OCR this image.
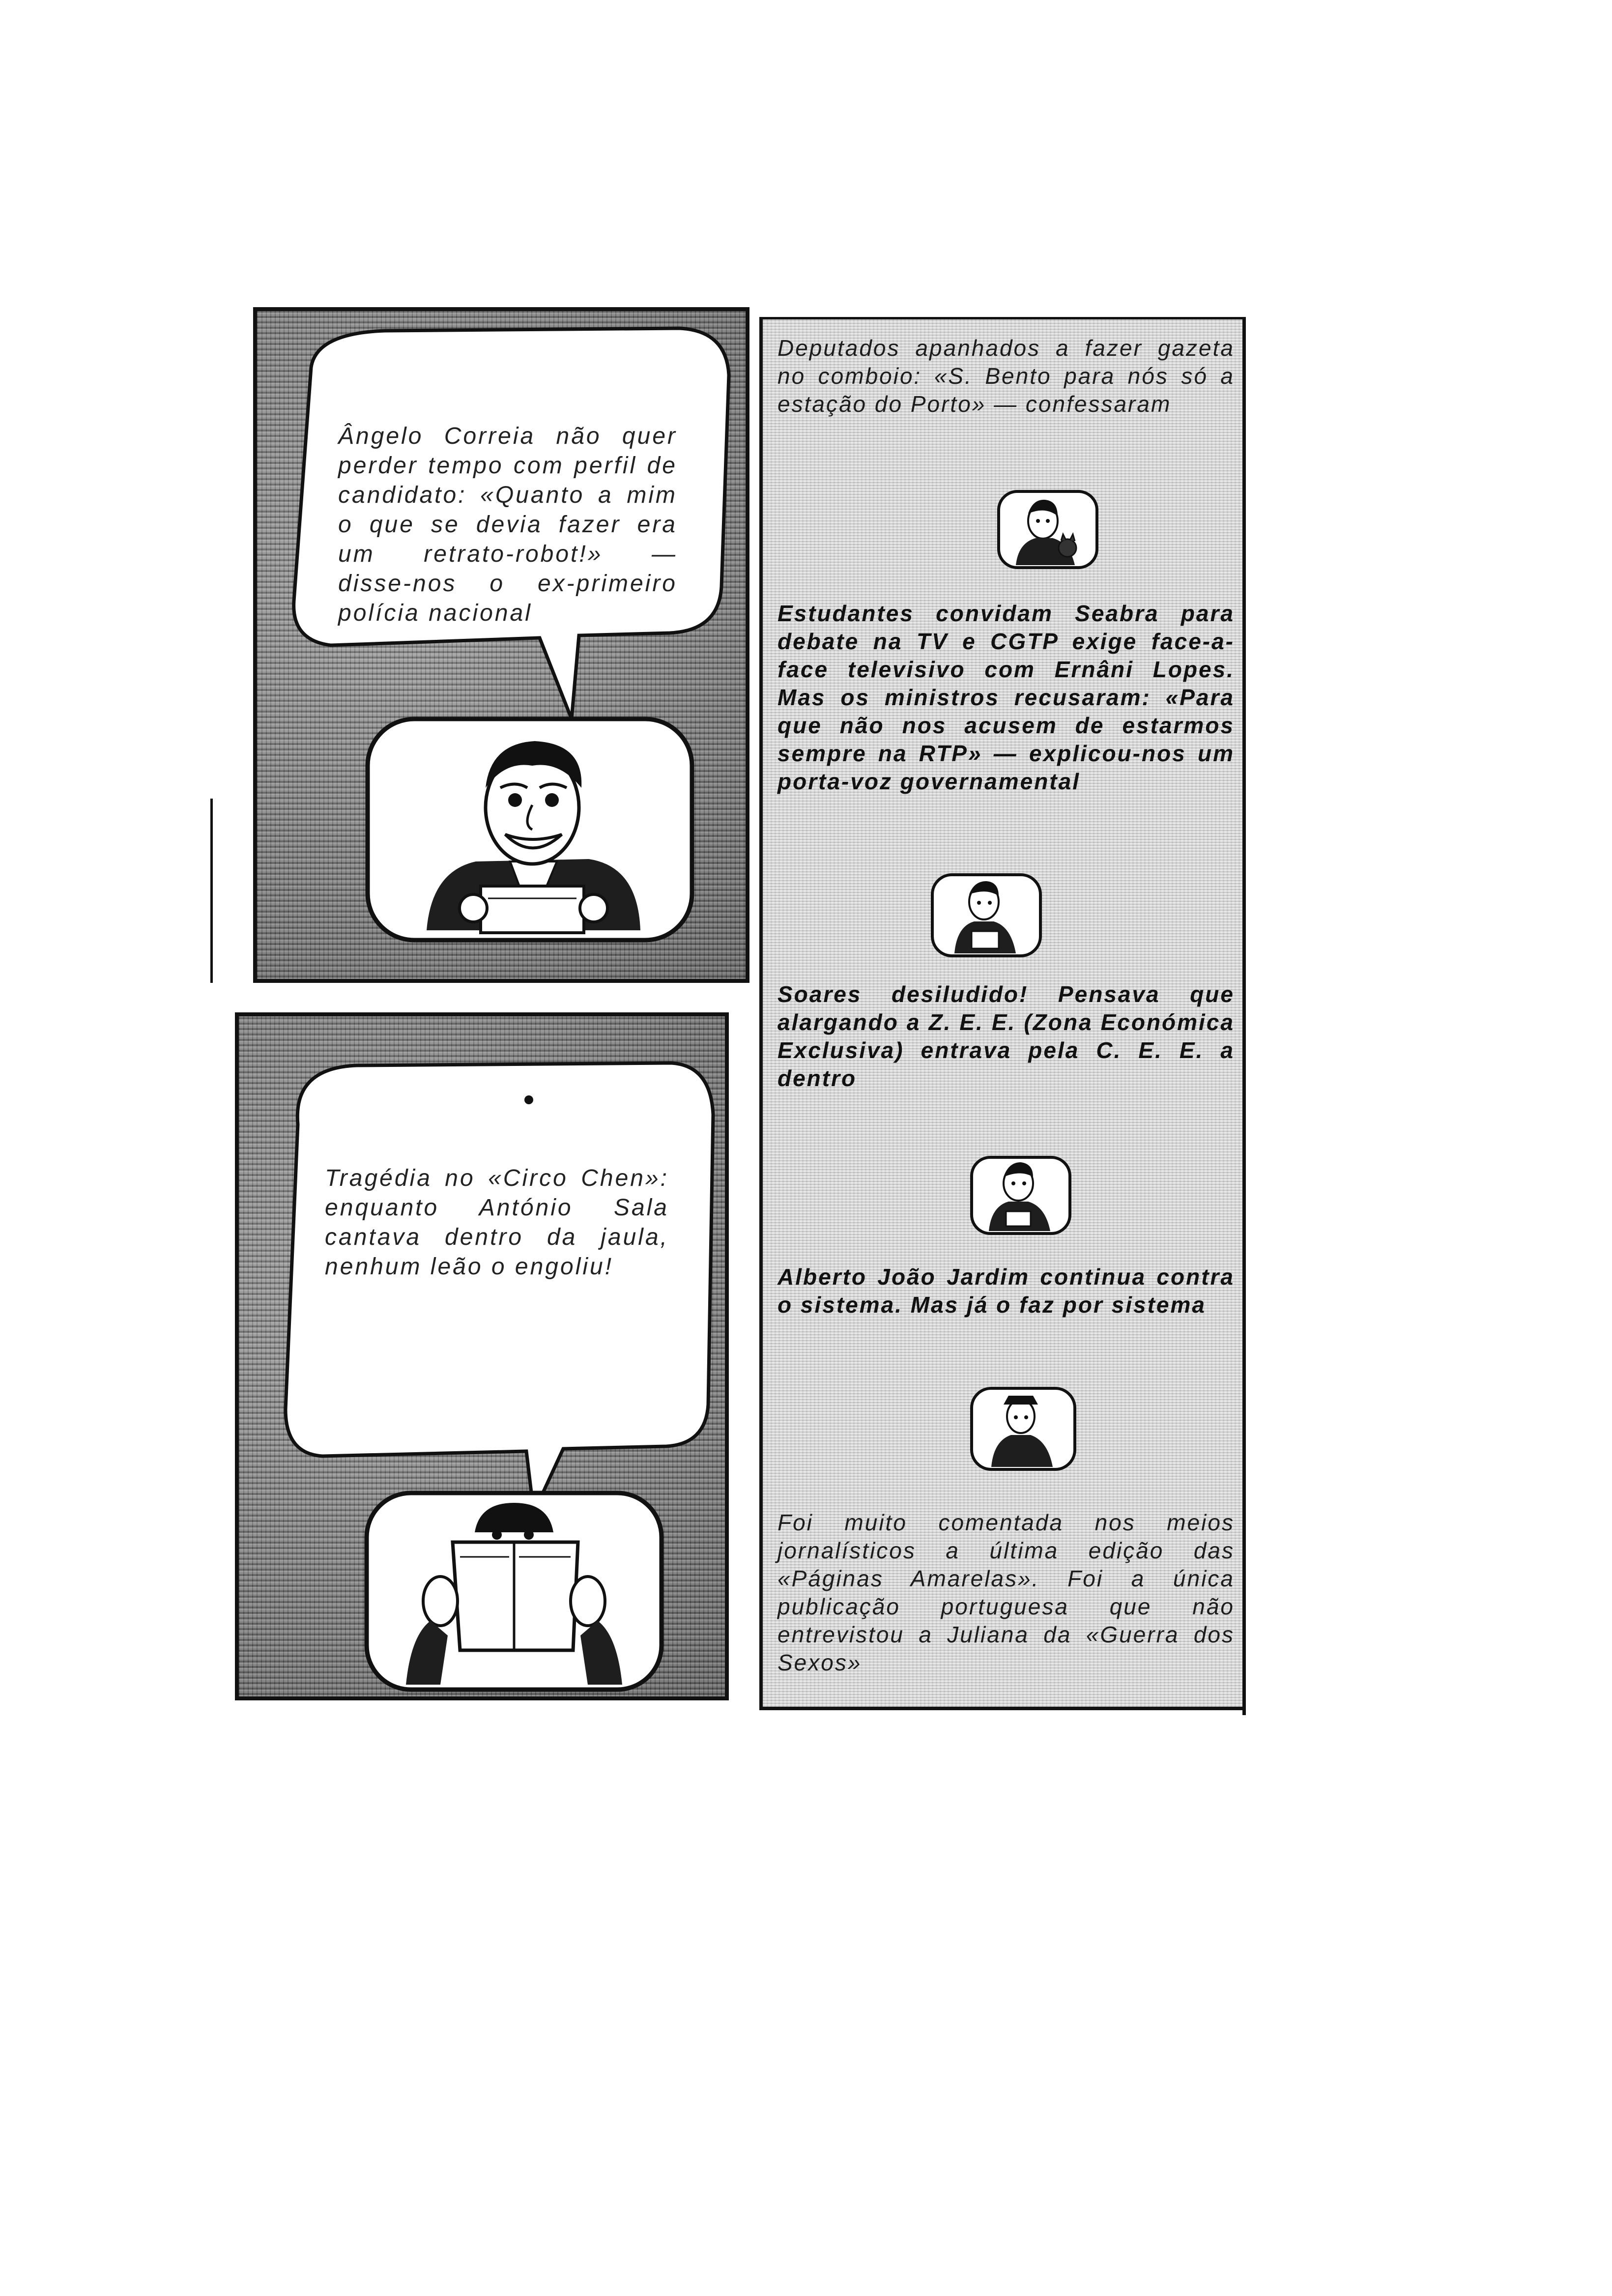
Ângelo Correia não quer perder tempo com perfil de candidato: «Quanto a mim o que se devia fazer era um retrato-robot!» — disse-nos o ex-primeiro polícia nacional
Tragédia no «Circo Chen»: enquanto António Sala cantava dentro da jaula, nenhum leão o engoliu!
Deputados apanhados a fazer gazeta no comboio: «S. Bento para nós só a estação do Porto» — confessaram
Estudantes convidam Seabra para debate na TV e CGTP exige face-a-face televisivo com Ernâni Lopes. Mas os ministros recusaram: «Para que não nos acusem de estarmos sempre na RTP» — explicou-nos um porta-voz governamental
Soares desiludido! Pensava que alargando a Z. E. E. (Zona Económica Exclusiva) entrava pela C. E. E. a dentro
Alberto João Jardim continua contra o sistema. Mas já o faz por sistema
Foi muito comentada nos meios jornalísticos a última edição das «Páginas Amarelas». Foi a única publicação portuguesa que não entrevistou a Juliana da «Guerra dos Sexos»
